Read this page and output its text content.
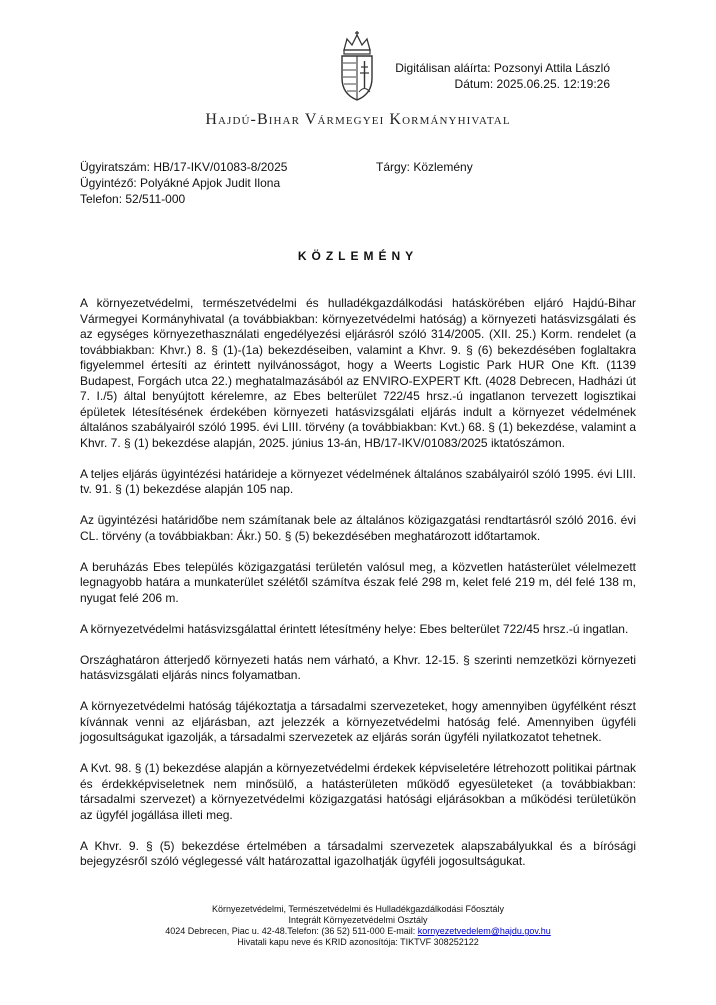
Digitálisan aláírta: Pozsonyi Attila László
Dátum: 2025.06.25. 12:19:26
Hajdú-Bihar Vármegyei Kormányhivatal
Ügyiratszám: HB/17-IKV/01083-8/2025
Ügyintéző: Polyákné Apjok Judit Ilona
Telefon: 52/511-000
Tárgy: Közlemény
KÖZLEMÉNY

A környezetvédelmi, természetvédelmi és hulladékgazdálkodási hatáskörében eljáró Hajdú-Bihar Vármegyei Kormányhivatal (a továbbiakban: környezetvédelmi hatóság) a környezeti hatásvizsgálati és az egységes környezethasználati engedélyezési eljárásról szóló 314/2005. (XII. 25.) Korm. rendelet (a továbbiakban: Khvr.) 8. § (1)-(1a) bekezdéseiben, valamint a Khvr. 9. § (6) bekezdésében foglaltakra figyelemmel értesíti az érintett nyilvánosságot, hogy a Weerts Logistic Park HUR One Kft. (1139 Budapest, Forgách utca 22.) meghatalmazásából az ENVIRO-EXPERT Kft. (4028 Debrecen, Hadházi út 7. I./5) által benyújtott kérelemre, az Ebes belterület 722/45 hrsz.-ú ingatlanon tervezett logisztikai épületek létesítésének érdekében környezeti hatásvizsgálati eljárás indult a környezet védelmének általános szabályairól szóló 1995. évi LIII. törvény (a továbbiakban: Kvt.) 68. § (1) bekezdése, valamint a Khvr. 7. § (1) bekezdése alapján, 2025. június 13-án, HB/17-IKV/01083/2025 iktatószámon.

A teljes eljárás ügyintézési határideje a környezet védelmének általános szabályairól szóló 1995. évi LIII. tv. 91. § (1) bekezdése alapján 105 nap.

Az ügyintézési határidőbe nem számítanak bele az általános közigazgatási rendtartásról szóló 2016. évi CL. törvény (a továbbiakban: Ákr.) 50. § (5) bekezdésében meghatározott időtartamok.

A beruházás Ebes település közigazgatási területén valósul meg, a közvetlen hatásterület vélelmezett legnagyobb határa a munkaterület szélétől számítva észak felé 298 m, kelet felé 219 m, dél felé 138 m, nyugat felé 206 m.

A környezetvédelmi hatásvizsgálattal érintett létesítmény helye: Ebes belterület 722/45 hrsz.-ú ingatlan.

Országhatáron átterjedő környezeti hatás nem várható, a Khvr. 12-15. § szerinti nemzetközi környezeti hatásvizsgálati eljárás nincs folyamatban.

A környezetvédelmi hatóság tájékoztatja a társadalmi szervezeteket, hogy amennyiben ügyfélként részt kívánnak venni az eljárásban, azt jelezzék a környezetvédelmi hatóság felé. Amennyiben ügyféli jogosultságukat igazolják, a társadalmi szervezetek az eljárás során ügyféli nyilatkozatot tehetnek.

A Kvt. 98. § (1) bekezdése alapján a környezetvédelmi érdekek képviseletére létrehozott politikai pártnak és érdekképviseletnek nem minősülő, a hatásterületen működő egyesületeket (a továbbiakban: társadalmi szervezet) a környezetvédelmi közigazgatási hatósági eljárásokban a működési területükön az ügyfél jogállása illeti meg.

A Khvr. 9. § (5) bekezdése értelmében a társadalmi szervezetek alapszabályukkal és a bírósági bejegyzésről szóló véglegessé vált határozattal igazolhatják ügyféli jogosultságukat.

Környezetvédelmi, Természetvédelmi és Hulladékgazdálkodási Főosztály
Integrált Környezetvédelmi Osztály
4024 Debrecen, Piac u. 42-48.Telefon: (36 52) 511-000 E-mail: kornyezetvedelem@hajdu.gov.hu
Hivatali kapu neve és KRID azonosítója: TIKTVF 308252122
